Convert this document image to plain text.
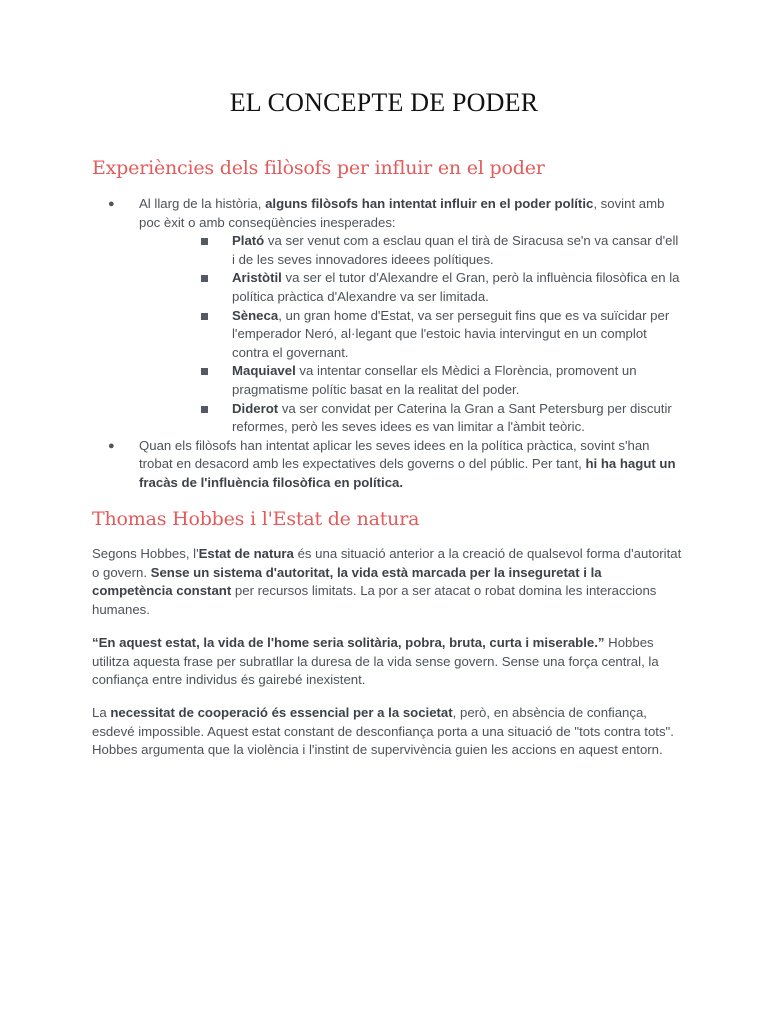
EL CONCEPTE DE PODER
Experiències dels filòsofs per influir en el poder
● Al llarg de la història, alguns filòsofs han intentat influir en el poder polític, sovint amb poc èxit o amb conseqüències inesperades:
Plató va ser venut com a esclau quan el tirà de Siracusa se'n va cansar d'ell i de les seves innovadores ideees polítiques.
Aristòtil va ser el tutor d'Alexandre el Gran, però la influència filosòfica en la política pràctica d'Alexandre va ser limitada.
Sèneca, un gran home d'Estat, va ser perseguit fins que es va suïcidar per l'emperador Neró, al·legant que l'estoic havia intervingut en un complot contra el governant.
Maquiavel va intentar consellar els Mèdici a Florència, promovent un pragmatisme polític basat en la realitat del poder.
Diderot va ser convidat per Caterina la Gran a Sant Petersburg per discutir reformes, però les seves idees es van limitar a l'àmbit teòric.
● Quan els filòsofs han intentat aplicar les seves idees en la política pràctica, sovint s'han trobat en desacord amb les expectatives dels governs o del públic. Per tant, hi ha hagut un fracàs de l'influència filosòfica en política.
Thomas Hobbes i l'Estat de natura

Segons Hobbes, l'Estat de natura és una situació anterior a la creació de qualsevol forma d'autoritat o govern. Sense un sistema d'autoritat, la vida està marcada per la inseguretat i la competència constant per recursos limitats. La por a ser atacat o robat domina les interaccions humanes.

“En aquest estat, la vida de l'home seria solitària, pobra, bruta, curta i miserable.” Hobbes utilitza aquesta frase per subratllar la duresa de la vida sense govern. Sense una força central, la confiança entre individus és gairebé inexistent.

La necessitat de cooperació és essencial per a la societat, però, en absència de confiança, esdevé impossible. Aquest estat constant de desconfiança porta a una situació de "tots contra tots". Hobbes argumenta que la violència i l'instint de supervivència guien les accions en aquest entorn.
